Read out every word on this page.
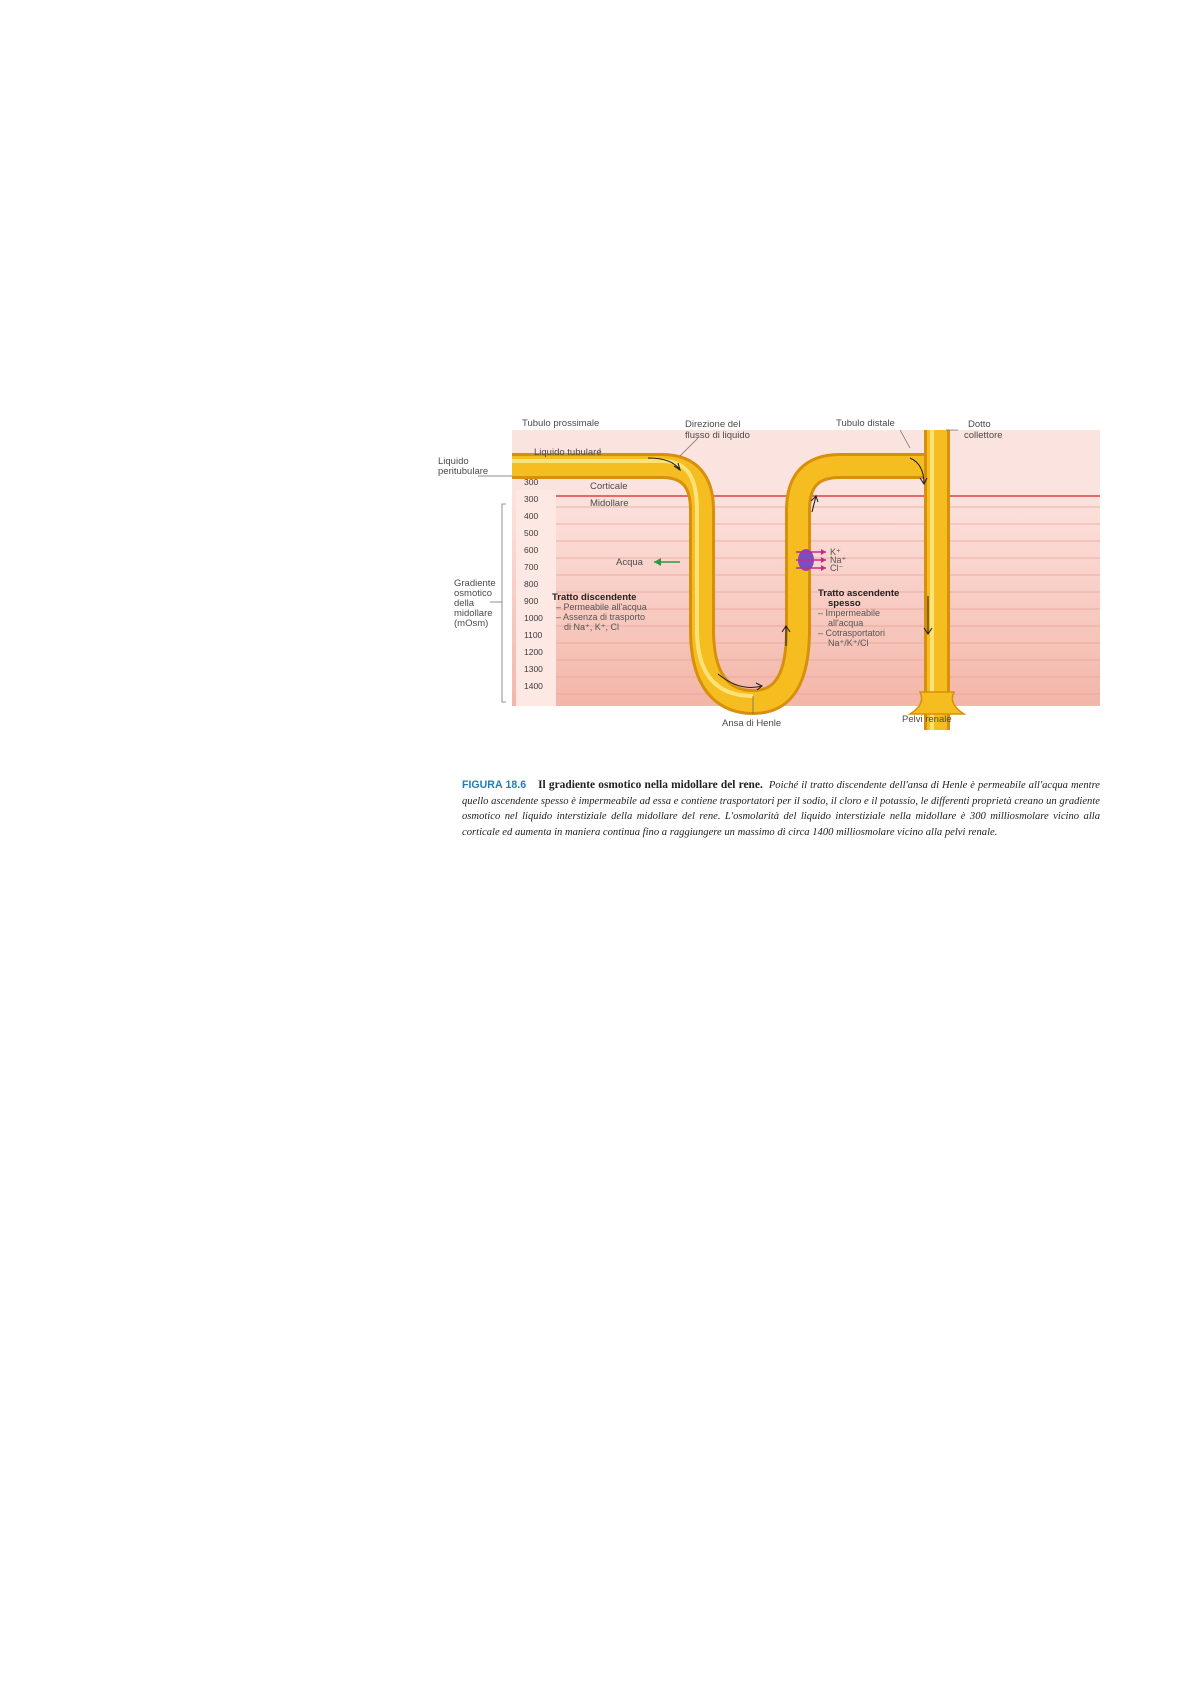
300
300
400
500
600
700
800
900
1000
1100
1200
1300
1400
Tubulo prossimale
Liquido tubulare
Direzione del
flusso di liquido
Tubulo distale	Dotto
collettore
Liquido
peritubulare
Corticale
Midollare
Acqua
Gradiente
osmotico
della
midollare
(mOsm)
K⁺
Na⁺
Cl⁻
Tratto discendente
– Permeabile all'acqua
– Assenza di trasporto
di Na⁺, K⁺, Cl
Tratto ascendente
spesso
– Impermeabile
all'acqua
– Cotrasportatori
Na⁺/K⁺/Cl
Ansa di Henle	Pelvi renale
FIGURA 18.6 Il gradiente osmotico nella midollare del rene. Poiché il tratto discendente dell'ansa di Henle è permeabile all'acqua mentre quello ascendente spesso è impermeabile ad essa e contiene trasportatori per il sodio, il cloro e il potassio, le differenti proprietà creano un gradiente osmotico nel liquido interstiziale della midollare del rene. L'osmolarità del liquido interstiziale nella midollare è 300 milliosmolare vicino alla corticale ed aumenta in maniera continua fino a raggiungere un massimo di circa 1400 milliosmolare vicino alla pelvi renale.
